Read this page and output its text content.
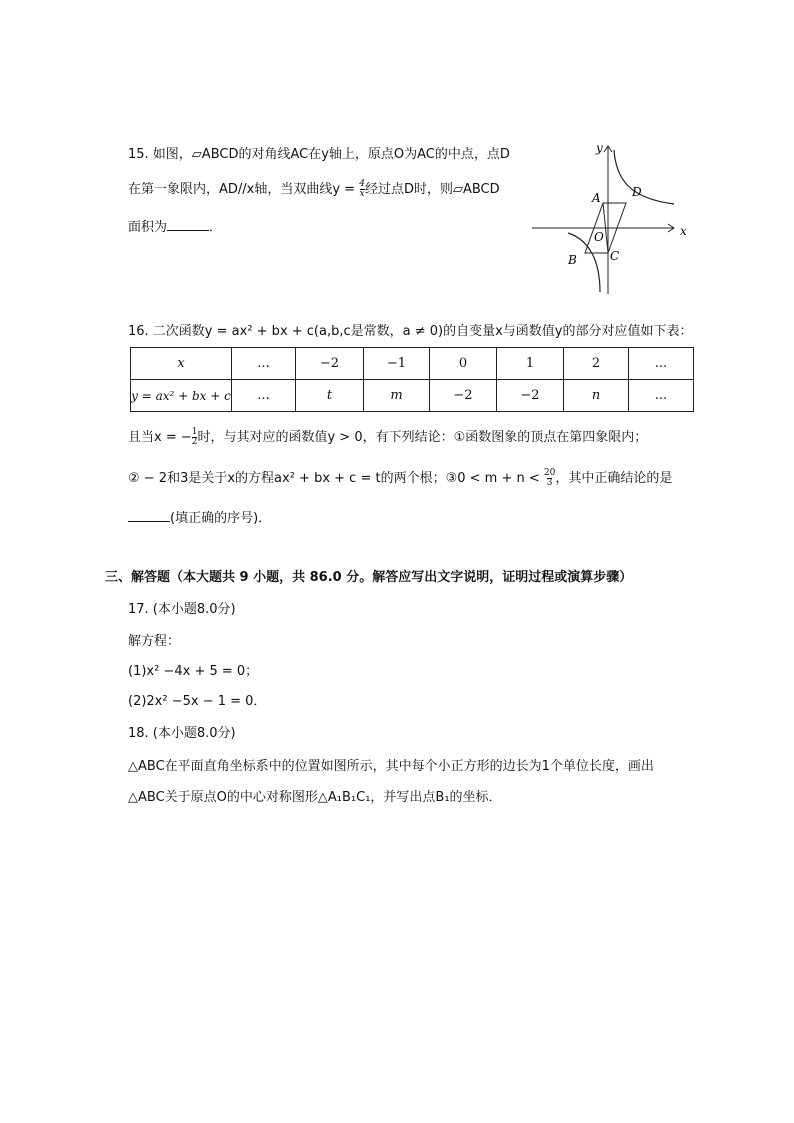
15. 如图，▱ABCD的对角线AC在y轴上，原点O为AC的中点，点D
在第一象限内，AD//x轴，当双曲线$y = \frac{4}{x}$ 经过点D时，则▱ABCD
面积为	．
y
x
A	D
O
B	C
16. 二次函数y = ax² + bx + c(a,b,c是常数，a ≠ 0)的自变量x与函数值y的部分对应值如下表：
x	...	−2	−1	0	1	2	...
y = ax² + bx + c	...	t	m	−2	−2	n	...
且当x = − $\frac{1}{2}$ 时，与其对应的函数值y > 0，有下列结论：①函数图象的顶点在第四象限内；
② − 2和3是关于x的方程ax² + bx + c = t的两个根；③0 < $m + n < \frac{20}{3}$ ，其中正确结论的是
(填正确的序号)．
三、解答题（本大题共 9 小题，共 86.0 分。解答应写出文字说明，证明过程或演算步骤）
17. (本小题8.0分)
解方程：
(1)x² −4x + 5 = 0；
(2)2x² −5x − 1 = 0．
18. (本小题8.0分)
△ABC在平面直角坐标系中的位置如图所示，其中每个小正方形的边长为1个单位长度，画出
△ABC关于原点O的中心对称图形△A₁B₁C₁，并写出点B₁的坐标．
